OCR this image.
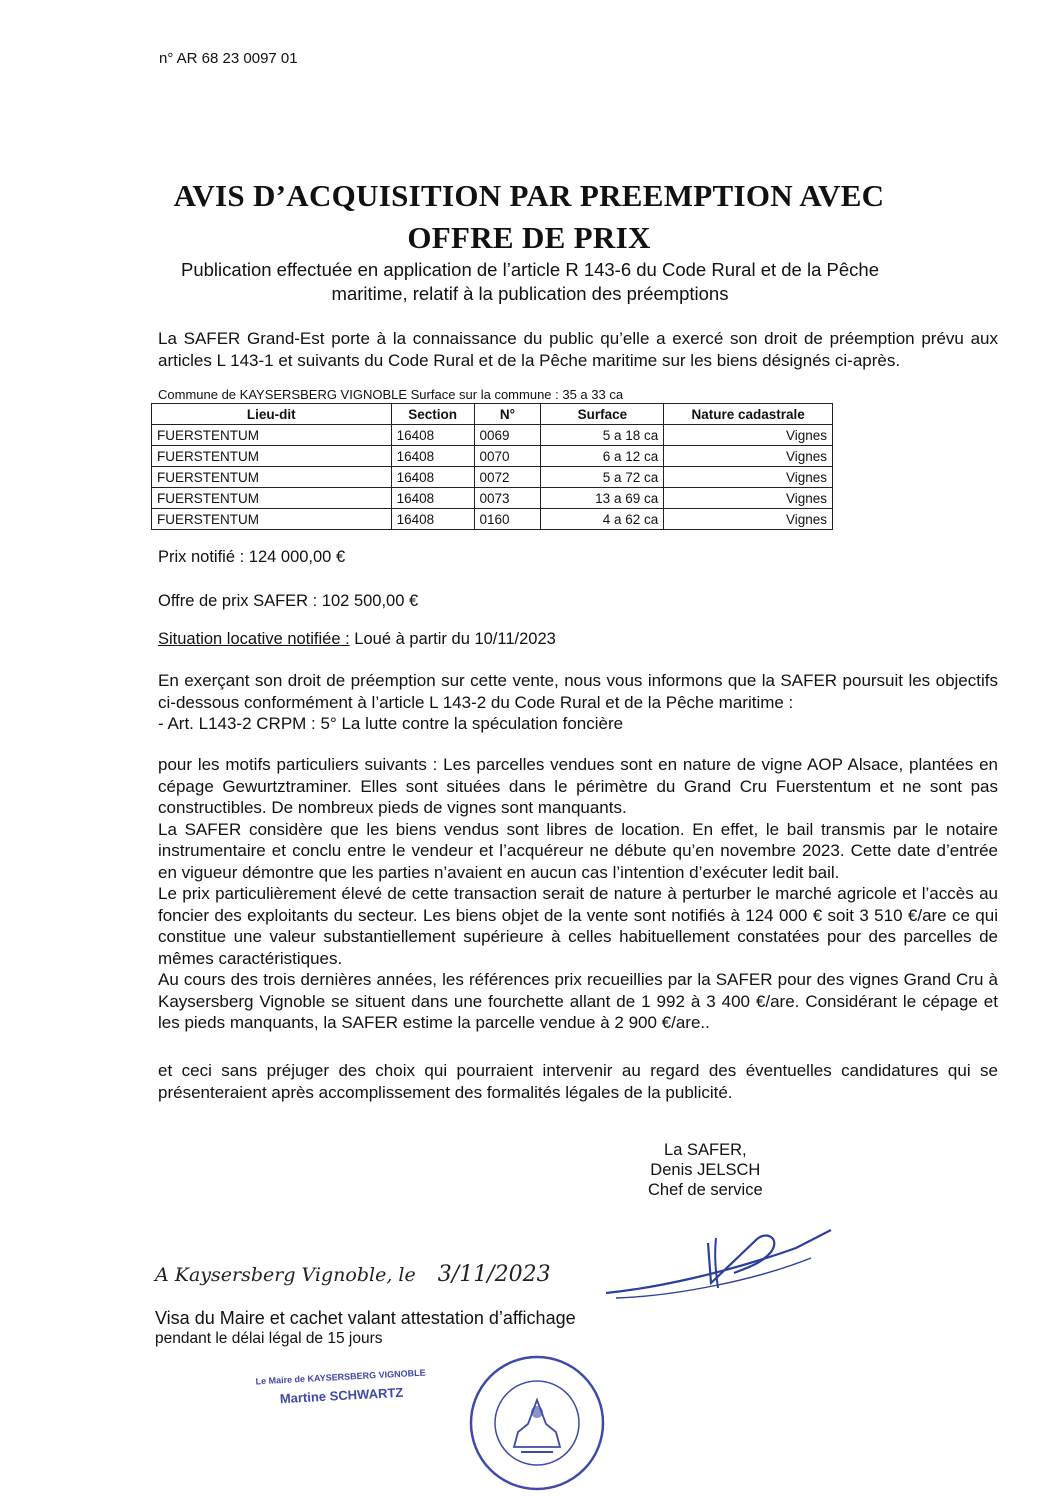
n° AR 68 23 0097 01
AVIS D’ACQUISITION PAR PREEMPTION AVEC
OFFRE DE PRIX
Publication effectuée en application de l’article R 143-6 du Code Rural et de la Pêche maritime, relatif à la publication des préemptions
La SAFER Grand-Est porte à la connaissance du public qu’elle a exercé son droit de préemption prévu aux articles L 143-1 et suivants du Code Rural et de la Pêche maritime sur les biens désignés ci-après.
Commune de KAYSERSBERG VIGNOBLE Surface sur la commune : 35 a 33 ca
Lieu-dit	Section	N°	Surface	Nature cadastrale
FUERSTENTUM	16408	0069	5 a 18 ca	Vignes
FUERSTENTUM	16408	0070	6 a 12 ca	Vignes
FUERSTENTUM	16408	0072	5 a 72 ca	Vignes
FUERSTENTUM	16408	0073	13 a 69 ca	Vignes
FUERSTENTUM	16408	0160	4 a 62 ca	Vignes
Prix notifié : 124 000,00 €
Offre de prix SAFER : 102 500,00 €
Situation locative notifiée : Loué à partir du 10/11/2023
En exerçant son droit de préemption sur cette vente, nous vous informons que la SAFER poursuit les objectifs ci-dessous conformément à l’article L 143-2 du Code Rural et de la Pêche maritime :
- Art. L143-2 CRPM : 5° La lutte contre la spéculation foncière
pour les motifs particuliers suivants : Les parcelles vendues sont en nature de vigne AOP Alsace, plantées en cépage Gewurtztraminer. Elles sont situées dans le périmètre du Grand Cru Fuerstentum et ne sont pas constructibles. De nombreux pieds de vignes sont manquants.
La SAFER considère que les biens vendus sont libres de location. En effet, le bail transmis par le notaire instrumentaire et conclu entre le vendeur et l’acquéreur ne débute qu’en novembre 2023. Cette date d’entrée en vigueur démontre que les parties n’avaient en aucun cas l’intention d’exécuter ledit bail.
Le prix particulièrement élevé de cette transaction serait de nature à perturber le marché agricole et l’accès au foncier des exploitants du secteur. Les biens objet de la vente sont notifiés à 124 000 € soit 3 510 €/are ce qui constitue une valeur substantiellement supérieure à celles habituellement constatées pour des parcelles de mêmes caractéristiques.
Au cours des trois dernières années, les références prix recueillies par la SAFER pour des vignes Grand Cru à Kaysersberg Vignoble se situent dans une fourchette allant de 1 992 à 3 400 €/are. Considérant le cépage et les pieds manquants, la SAFER estime la parcelle vendue à 2 900 €/are..
et ceci sans préjuger des choix qui pourraient intervenir au regard des éventuelles candidatures qui se présenteraient après accomplissement des formalités légales de la publicité.
La SAFER,
Denis JELSCH
Chef de service
A Kaysersberg Vignoble, le 3/11/2023
Visa du Maire et cachet valant attestation d’affichage
pendant le délai légal de 15 jours
Le Maire de KAYSERSBERG VIGNOBLE
Martine SCHWARTZ
